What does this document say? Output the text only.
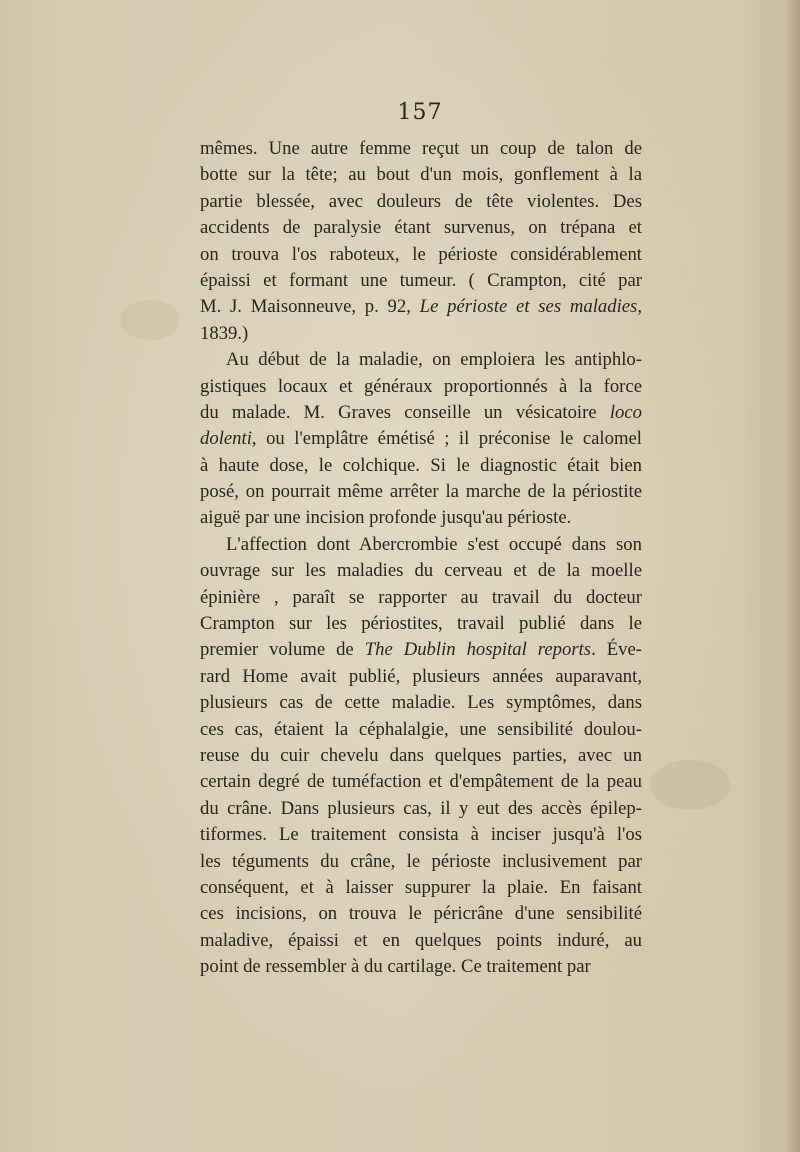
157
mêmes. Une autre femme reçut un coup de talon de
botte sur la tête; au bout d'un mois, gonflement à la
partie blessée, avec douleurs de tête violentes. Des
accidents de paralysie étant survenus, on trépana et
on trouva l'os raboteux, le périoste considérablement
épaissi et formant une tumeur. ( Crampton, cité par
M. J. Maisonneuve, p. 92, Le périoste et ses maladies,
1839.)
Au début de la maladie, on emploiera les antiphlo-
gistiques locaux et généraux proportionnés à la force
du malade. M. Graves conseille un vésicatoire loco
dolenti, ou l'emplâtre émétisé ; il préconise le calomel
à haute dose, le colchique. Si le diagnostic était bien
posé, on pourrait même arrêter la marche de la périostite
aiguë par une incision profonde jusqu'au périoste.
L'affection dont Abercrombie s'est occupé dans son
ouvrage sur les maladies du cerveau et de la moelle
épinière , paraît se rapporter au travail du docteur
Crampton sur les périostites, travail publié dans le
premier volume de The Dublin hospital reports. Éve-
rard Home avait publié, plusieurs années auparavant,
plusieurs cas de cette maladie. Les symptômes, dans
ces cas, étaient la céphalalgie, une sensibilité doulou-
reuse du cuir chevelu dans quelques parties, avec un
certain degré de tuméfaction et d'empâtement de la peau
du crâne. Dans plusieurs cas, il y eut des accès épilep-
tiformes. Le traitement consista à inciser jusqu'à l'os
les téguments du crâne, le périoste inclusivement par
conséquent, et à laisser suppurer la plaie. En faisant
ces incisions, on trouva le péricrâne d'une sensibilité
maladive, épaissi et en quelques points induré, au
point de ressembler à du cartilage. Ce traitement par
